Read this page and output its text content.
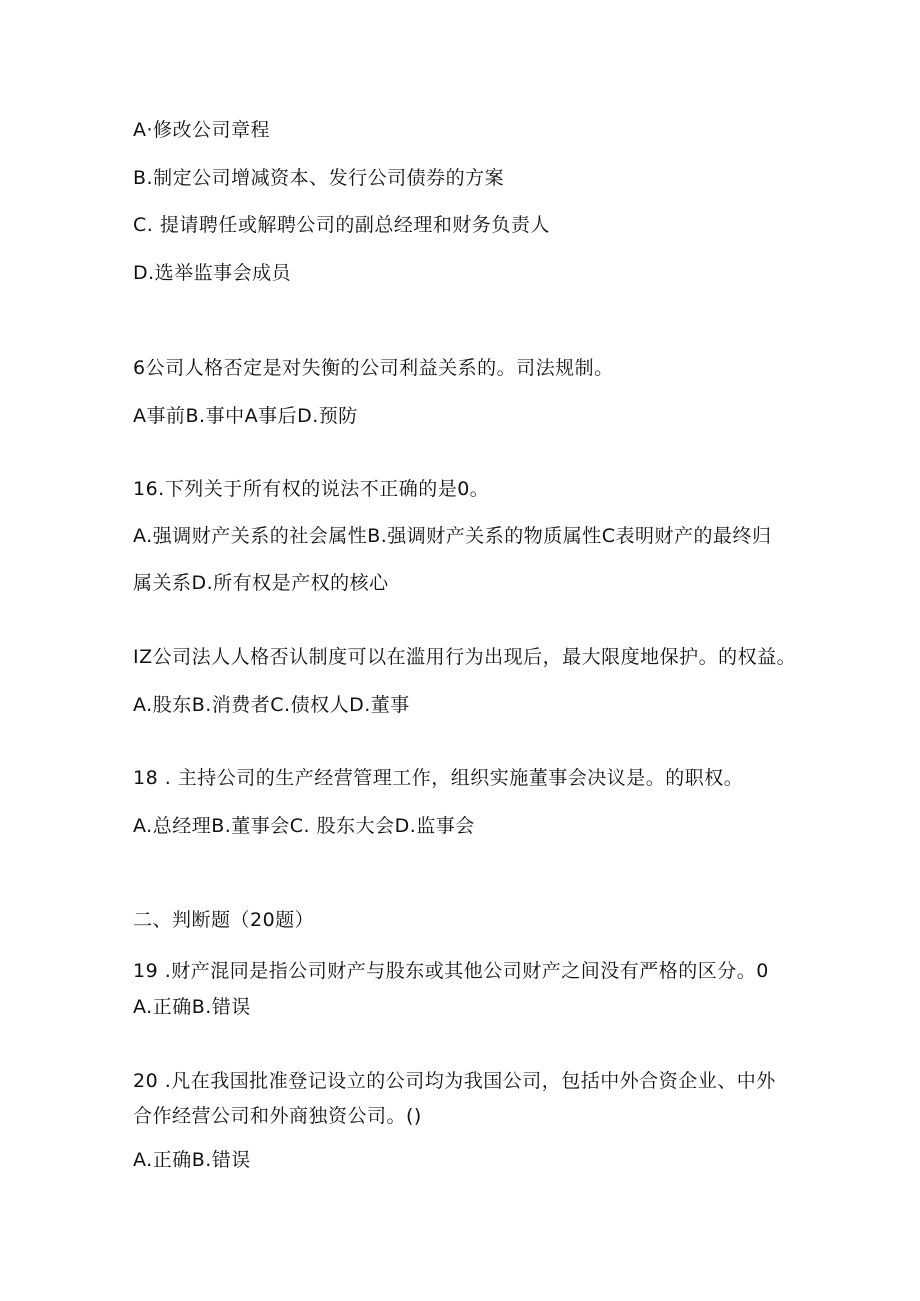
A·修改公司章程
B.制定公司增减资本、发行公司债券的方案
C. 提请聘任或解聘公司的副总经理和财务负责人
D.选举监事会成员
6公司人格否定是对失衡的公司利益关系的。司法规制。
A事前B.事中A事后D.预防
16.下列关于所有权的说法不正确的是0。
A.强调财产关系的社会属性B.强调财产关系的物质属性C表明财产的最终归
属关系D.所有权是产权的核心
IZ公司法人人格否认制度可以在滥用行为出现后，最大限度地保护。的权益。
A.股东B.消费者C.债权人D.董事
18 . 主持公司的生产经营管理工作，组织实施董事会决议是。的职权。
A.总经理B.董事会C. 股东大会D.监事会
二、判断题（20题）
19 .财产混同是指公司财产与股东或其他公司财产之间没有严格的区分。0
A.正确B.错误
20 .凡在我国批准登记设立的公司均为我国公司，包括中外合资企业、中外
合作经营公司和外商独资公司。()
A.正确B.错误
